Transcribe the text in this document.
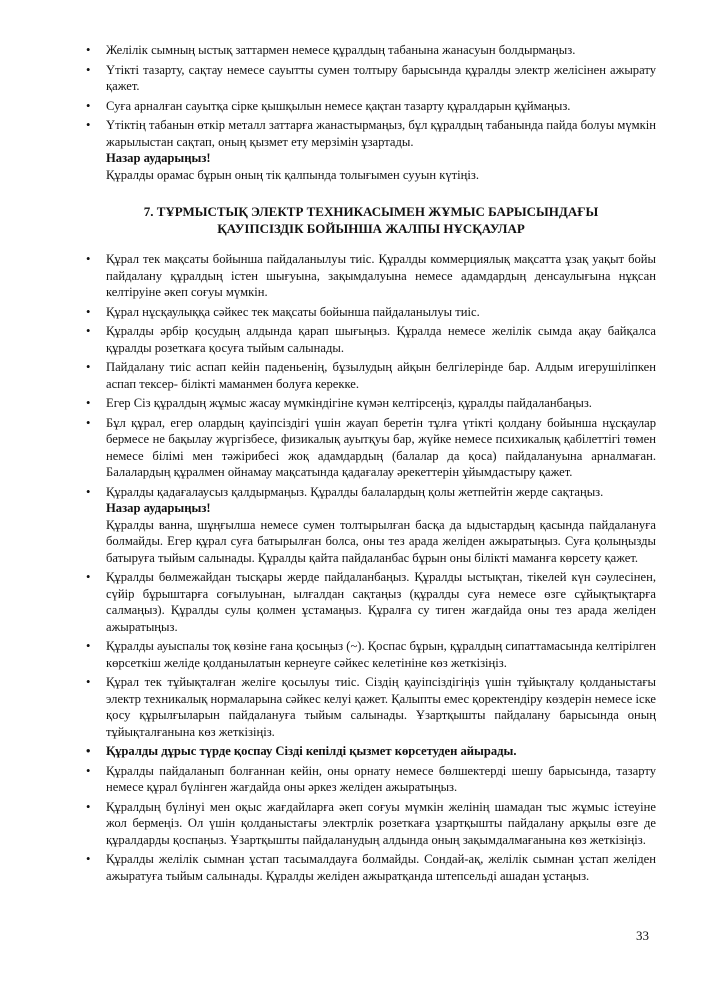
• Желілік сымның ыстық заттармен немесе құралдың табанына жанасуын болдырмаңыз.
• Үтікті тазарту, сақтау немесе сауытты сумен толтыру барысында құралды электр желісінен ажырату қажет.
• Суға арналған сауытқа сірке қышқылын немесе қақтан тазарту құралдарын құймаңыз.
• Үтіктің табанын өткір металл заттарға жанастырмаңыз, бұл құралдың табанында пайда болуы мүмкін жарылыстан сақтап, оның қызмет ету мерзімін ұзартады.
Назар аударыңыз!
Құралды орамас бұрын оның тік қалпында толығымен сууын күтіңіз.
7. ТҰРМЫСТЫҚ ЭЛЕКТР ТЕХНИКАСЫМЕН ЖҰМЫС БАРЫСЫНДАҒЫ
ҚАУІПСІЗДІК БОЙЫНША ЖАЛПЫ НҰСҚАУЛАР
• Құрал тек мақсаты бойынша пайдаланылуы тиіс. Құралды коммерциялық мақсатта ұзақ уақыт бойы пайдалану құралдың істен шығуына, зақымдалуына немесе адамдардың денсаулығына нұқсан келтіруіне әкеп соғуы мүмкін.
• Құрал нұсқаулыққа сәйкес тек мақсаты бойынша пайдаланылуы тиіс.
• Құралды әрбір қосудың алдында қарап шығыңыз. Құралда немесе желілік сымда ақау байқалса құралды розеткаға қосуға тыйым салынады.
• Пайдалану тиіс аспап кейін паденьенің, бұзылудың айқын белгілерінде бар. Алдым игерушіліпкен аспап тексер- білікті маманмен болуға керекке.
• Егер Сіз құралдың жұмыс жасау мүмкіндігіне күмән келтірсеңіз, құралды пайдаланбаңыз.
• Бұл құрал, егер олардың қауіпсіздігі үшін жауап беретін тұлға үтікті қолдану бойынша нұсқаулар бермесе не бақылау жүргізбесе, физикалық ауытқуы бар, жүйке немесе психикалық қабілеттігі төмен немесе білімі мен тәжірибесі жоқ адамдардың (балалар да қоса) пайдалануына арналмаған. Балалардың құралмен ойнамау мақсатында қадағалау әрекеттерін ұйымдастыру қажет.
• Құралды қадағалаусыз қалдырмаңыз. Құралды балалардың қолы жетпейтін жерде сақтаңыз.
Назар аударыңыз!
Құралды ванна, шұңғылша немесе сумен толтырылған басқа да ыдыстардың қасында пайдалануға болмайды. Егер құрал суға батырылған болса, оны тез арада желіден ажыратыңыз. Суға қолыңызды батыруға тыйым салынады. Құралды қайта пайдаланбас бұрын оны білікті маманға көрсету қажет.
• Құралды бөлмежайдан тысқары жерде пайдаланбаңыз. Құралды ыстықтан, тікелей күн сәулесінен, сүйір бұрыштарға соғылуынан, ылғалдан сақтаңыз (құралды суға немесе өзге сұйықтықтарға салмаңыз). Құралды сулы қолмен ұстамаңыз. Құралға су тиген жағдайда оны тез арада желіден ажыратыңыз.
• Құралды ауыспалы тоқ көзіне ғана қосыңыз (~). Қоспас бұрын, құралдың сипаттамасында келтірілген көрсеткіш желіде қолданылатын кернеуге сәйкес келетініне көз жеткізіңіз.
• Құрал тек тұйықталған желіге қосылуы тиіс. Сіздің қауіпсіздігіңіз үшін тұйықталу қолданыстағы электр техникалық нормаларына сәйкес келуі қажет. Қалыпты емес қоректендіру көздерін немесе іске қосу құрылғыларын пайдалануға тыйым салынады. Ұзартқышты пайдалану барысында оның тұйықталғанына көз жеткізіңіз.
• Құралды дұрыс түрде қоспау Сізді кепілді қызмет көрсетуден айырады.
• Құралды пайдаланып болғаннан кейін, оны орнату немесе бөлшектерді шешу барысында, тазарту немесе құрал бүлінген жағдайда оны әркез желіден ажыратыңыз.
• Құралдың бүлінуі мен оқыс жағдайларға әкеп соғуы мүмкін желінің шамадан тыс жұмыс істеуіне жол бермеңіз. Ол үшін қолданыстағы электрлік розеткаға ұзартқышты пайдалану арқылы өзге де құралдарды қоспаңыз. Ұзартқышты пайдаланудың алдында оның зақымдалмағанына көз жеткізіңіз.
• Құралды желілік сымнан ұстап тасымалдауға болмайды. Сондай-ақ, желілік сымнан ұстап желіден ажыратуға тыйым салынады. Құралды желіден ажыратқанда штепсельді ашадан ұстаңыз.
33
